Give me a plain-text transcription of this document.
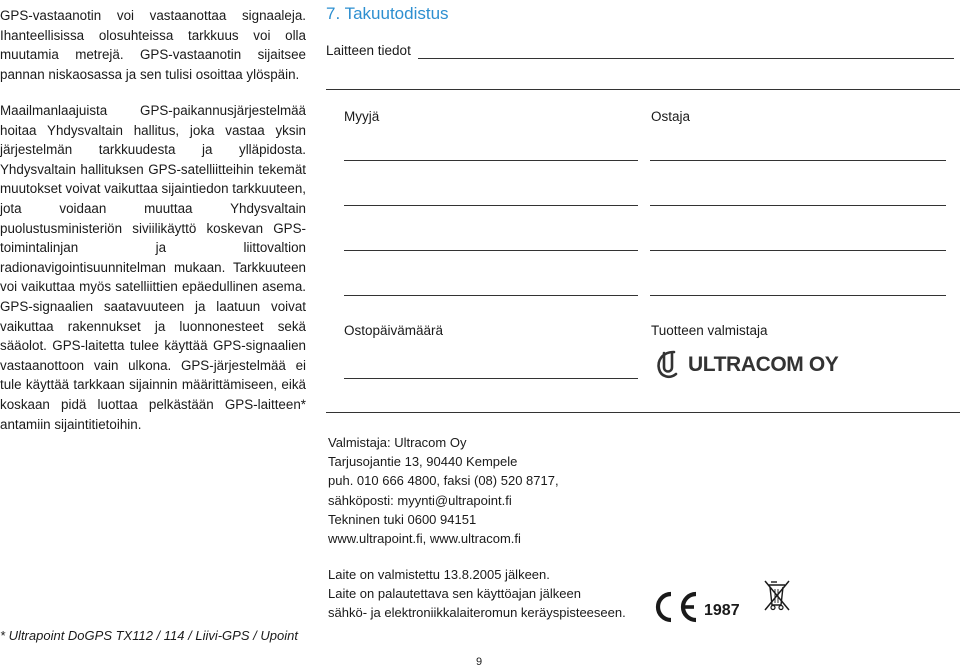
GPS-vastaanotin voi vastaanottaa signaaleja. Ihanteellisissa olosuhteissa tarkkuus voi olla muutamia metrejä. GPS-vastaanotin sijaitsee pannan niskaosassa ja sen tulisi osoittaa ylöspäin.

Maailmanlaajuista GPS-paikannusjärjestelmää hoitaa Yhdysvaltain hallitus, joka vastaa yksin järjestelmän tarkkuudesta ja ylläpidosta. Yhdysvaltain hallituksen GPS-satelliitteihin tekemät muutokset voivat vaikuttaa sijaintiedon tarkkuuteen, jota voidaan muuttaa Yhdysvaltain puolustusministeriön siviilikäyttö koskevan GPS-toimintalinjan ja liittovaltion radionavigointisuunnitelman mukaan. Tarkkuuteen voi vaikuttaa myös satelliittien epäedullinen asema. GPS-signaalien saatavuuteen ja laatuun voivat vaikuttaa rakennukset ja luonnonesteet sekä sääolot. GPS-laitetta tulee käyttää GPS-signaalien vastaanottoon vain ulkona. GPS-järjestelmää ei tule käyttää tarkkaan sijainnin määrittämiseen, eikä koskaan pidä luottaa pelkästään GPS-laitteen* antamiin sijaintitietoihin.

* Ultrapoint DoGPS TX112 / 114 / Liivi-GPS / Upoint
9
7. Takuutodistus
Laitteen tiedot
Myyjä	Ostaja
Ostopäivämäärä	Tuotteen valmistaja
ULTRACOM OY
Valmistaja: Ultracom Oy
Tarjusojantie 13, 90440 Kempele
puh. 010 666 4800, faksi (08) 520 8717,
sähköposti: myynti@ultrapoint.fi
Tekninen tuki 0600 94151
www.ultrapoint.fi, www.ultracom.fi
Laite on valmistettu 13.8.2005 jälkeen.
Laite on palautettava sen käyttöajan jälkeen
sähkö- ja elektroniikkalaiteromun keräyspisteeseen.	1987
